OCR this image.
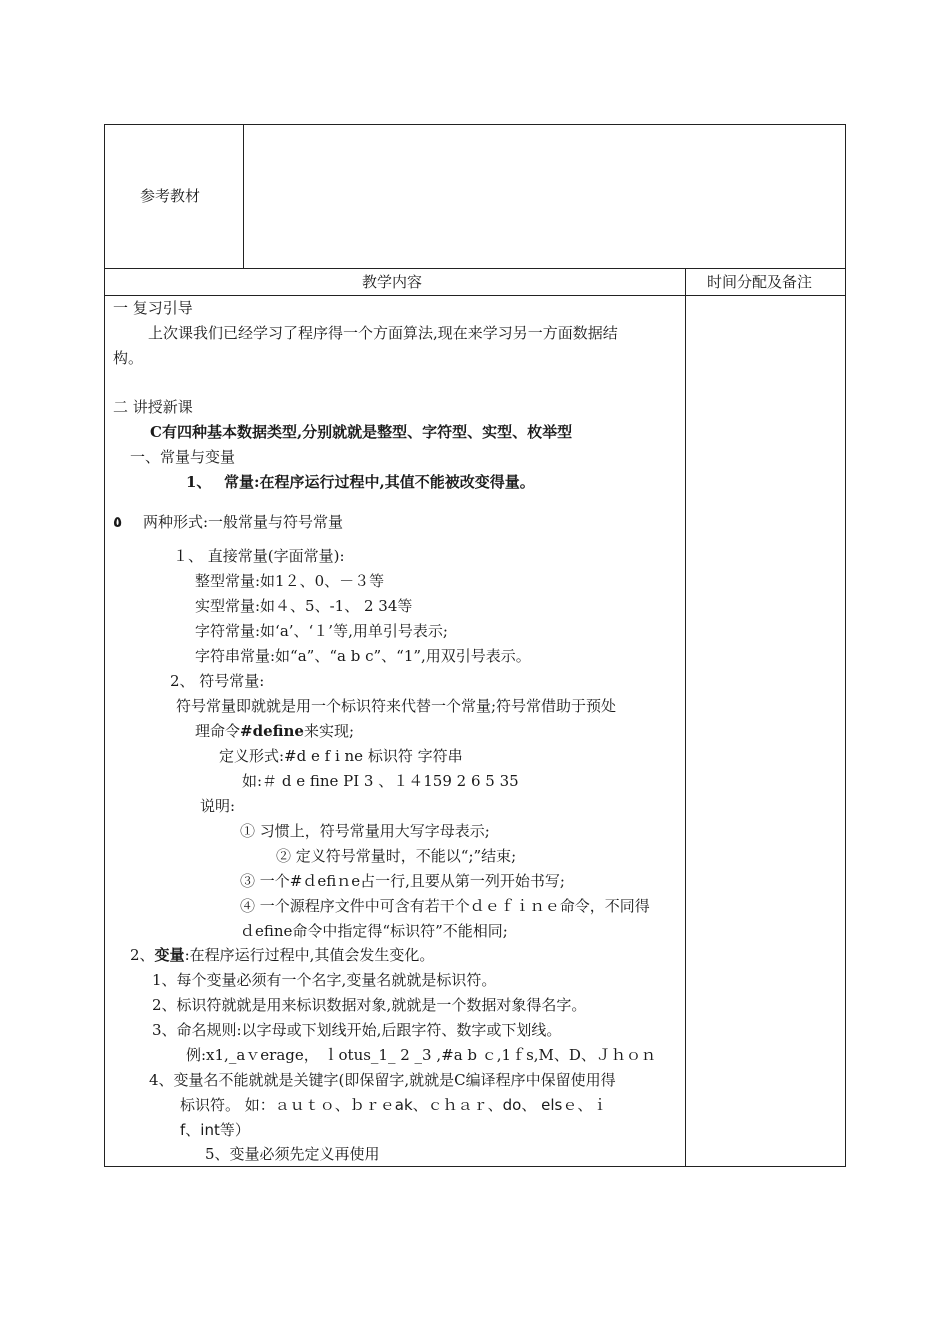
参考教材
教学内容	时间分配及备注
一 复习引导
上次课我们已经学习了程序得一个方面算法,现在来学习另一方面数据结
构。
二 讲授新课
C有四种基本数据类型,分别就就是整型、字符型、实型、枚举型
一、常量与变量
1、 常量:在程序运行过程中,其值不能被改变得量。
٥ 两种形式:一般常量与符号常量
１、 直接常量(字面常量):
整型常量:如1２、0、－３等
实型常量:如４、5、-1、 2 34等
字符常量:如‘a’、‘１’等,用单引号表示;
字符串常量:如“a”、“a b c”、“1”,用双引号表示。
2、 符号常量:
符号常量即就就是用一个标识符来代替一个常量;符号常借助于预处
理命令#define来实现;
定义形式:#d e f i ne 标识符 字符串
如:＃ d e fine PI 3 、１４159 2 6 5 35
说明:
① 习惯上，符号常量用大写字母表示;
② 定义符号常量时，不能以“;”结束;
③ 一个#ｄefiｎe占一行,且要从第一列开始书写;
④ 一个源程序文件中可含有若干个ｄｅｆｉｎｅ命令，不同得
ｄefine命令中指定得“标识符”不能相同;
2、变量:在程序运行过程中,其值会发生变化。
1、每个变量必须有一个名字,变量名就就是标识符。
2、标识符就就是用来标识数据对象,就就是一个数据对象得名字。
3、命名规则:以字母或下划线开始,后跟字符、数字或下划线。
例:x1,_aｖerage， ｌotus_1_ 2 _3 ,#a b ｃ,1ｆs,M、D、Ｊｈｏｎ
4、变量名不能就就是关键字(即保留字,就就是C编译程序中保留使用得
标识符。 如：ａｕｔｏ、ｂｒｅak、ｃｈａｒ、do、 elsｅ、ｉ
f、int等）
5、变量必须先定义再使用
